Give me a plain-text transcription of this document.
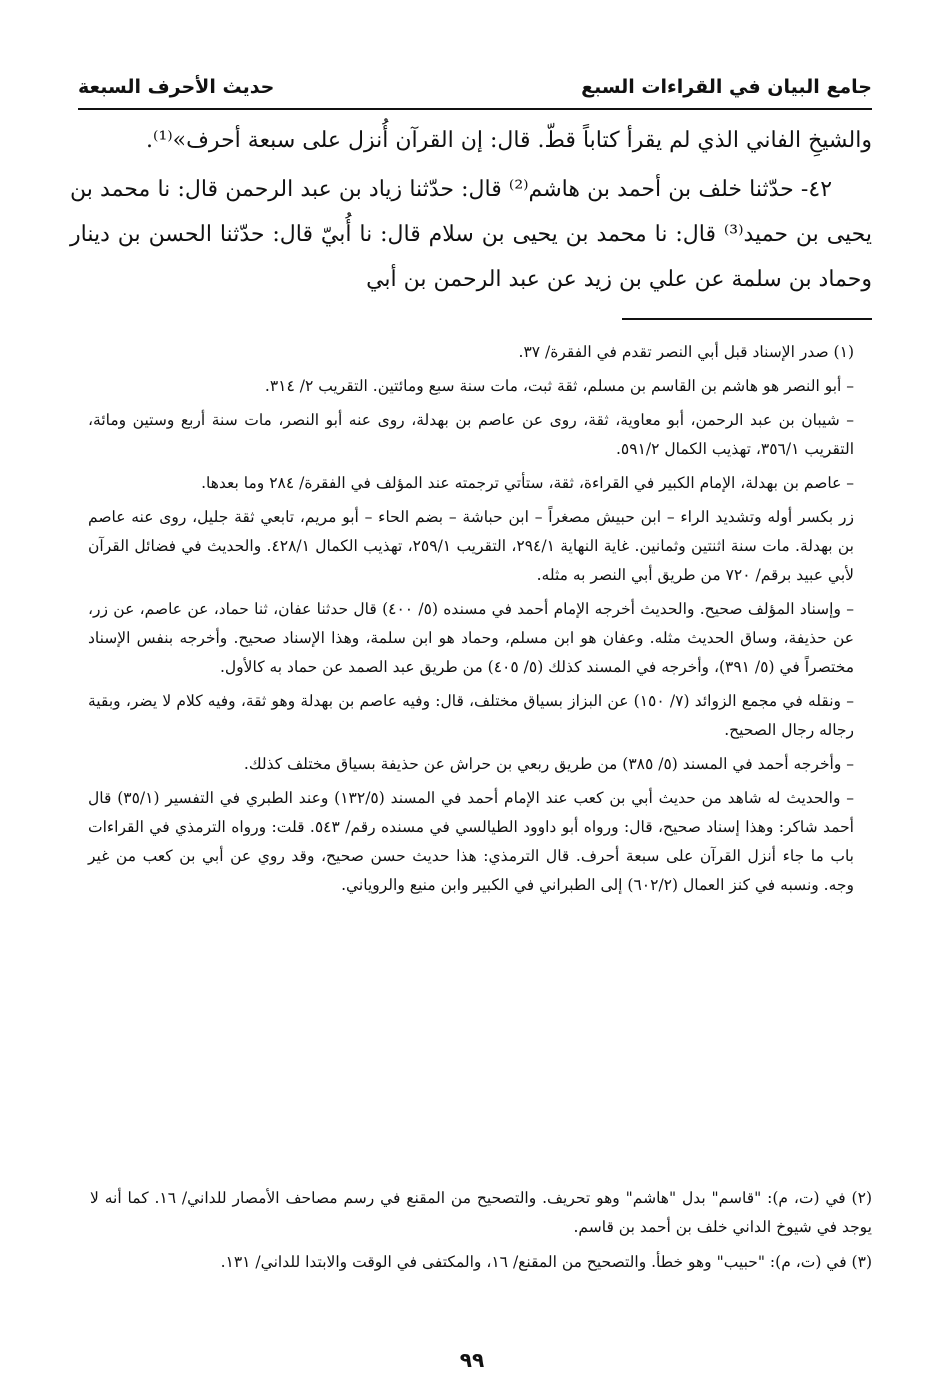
جامع البيان في القراءات السبع
حديث الأحرف السبعة

والشيخِ الفاني الذي لم يقرأ كتاباً قطّ. قال: إن القرآن أُنزل على سبعة أحرف»⁽¹⁾.

٤٢- حدّثنا خلف بن أحمد بن هاشم⁽²⁾ قال: حدّثنا زياد بن عبد الرحمن قال: نا محمد بن يحيى بن حميد⁽³⁾ قال: نا محمد بن يحيى بن سلام قال: نا أُبيّ قال: حدّثنا الحسن بن دينار وحماد بن سلمة عن علي بن زيد عن عبد الرحمن بن أبي

(١) صدر الإسناد قبل أبي النصر تقدم في الفقرة/ ٣٧.

– أبو النصر هو هاشم بن القاسم بن مسلم، ثقة ثبت، مات سنة سبع ومائتين. التقريب ٢/ ٣١٤.

– شيبان بن عبد الرحمن، أبو معاوية، ثقة، روى عن عاصم بن بهدلة، روى عنه أبو النصر، مات سنة أربع وستين ومائة، التقريب ٣٥٦/١، تهذيب الكمال ٥٩١/٢.

– عاصم بن بهدلة، الإمام الكبير في القراءة، ثقة، ستأتي ترجمته عند المؤلف في الفقرة/ ٢٨٤ وما بعدها.

زر بكسر أوله وتشديد الراء – ابن حبيش مصغراً – ابن حباشة – بضم الحاء – أبو مريم، تابعي ثقة جليل، روى عنه عاصم بن بهدلة. مات سنة اثنتين وثمانين. غاية النهاية ٢٩٤/١، التقريب ٢٥٩/١، تهذيب الكمال ٤٢٨/١. والحديث في فضائل القرآن لأبي عبيد برقم/ ٧٢٠ من طريق أبي النصر به مثله.

– وإسناد المؤلف صحيح. والحديث أخرجه الإمام أحمد في مسنده (٥/ ٤٠٠) قال حدثنا عفان، ثنا حماد، عن عاصم، عن زر، عن حذيفة، وساق الحديث مثله. وعفان هو ابن مسلم، وحماد هو ابن سلمة، وهذا الإسناد صحيح. وأخرجه بنفس الإسناد مختصراً في (٥/ ٣٩١)، وأخرجه في المسند كذلك (٥/ ٤٠٥) من طريق عبد الصمد عن حماد به كالأول.

– ونقله في مجمع الزوائد (٧/ ١٥٠) عن البزاز بسياق مختلف، قال: وفيه عاصم بن بهدلة وهو ثقة، وفيه كلام لا يضر، وبقية رجاله رجال الصحيح.

– وأخرجه أحمد في المسند (٥/ ٣٨٥) من طريق ربعي بن حراش عن حذيفة بسياق مختلف كذلك.

– والحديث له شاهد من حديث أبي بن كعب عند الإمام أحمد في المسند (١٣٢/٥) وعند الطبري في التفسير (٣٥/١) قال أحمد شاكر: وهذا إسناد صحيح، قال: ورواه أبو داوود الطيالسي في مسنده رقم/ ٥٤٣. قلت: ورواه الترمذي في القراءات باب ما جاء أنزل القرآن على سبعة أحرف. قال الترمذي: هذا حديث حسن صحيح، وقد روي عن أبي بن كعب من غير وجه. ونسبه في كنز العمال (٦٠٢/٢) إلى الطبراني في الكبير وابن منيع والروياني.

(٢) في (ت، م): "قاسم" بدل "هاشم" وهو تحريف. والتصحيح من المقنع في رسم مصاحف الأمصار للداني/ ١٦. كما أنه لا يوجد في شيوخ الداني خلف بن أحمد بن قاسم.

(٣) في (ت، م): "حبيب" وهو خطأ. والتصحيح من المقنع/ ١٦، والمكتفى في الوقت والابتدا للداني/ ١٣١.

٩٩
